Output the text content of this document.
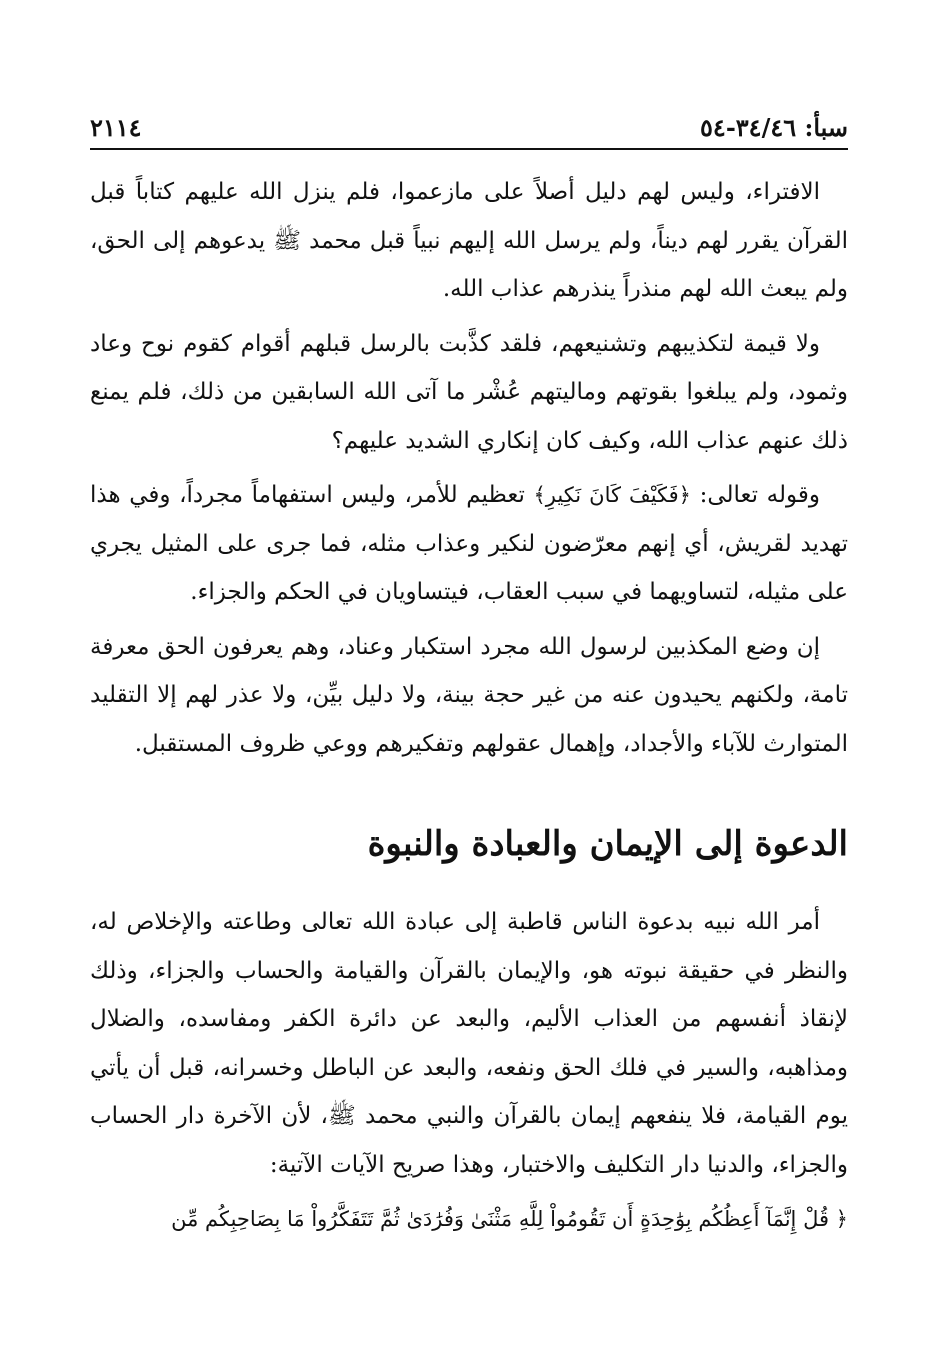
سبأ: ٣٤/٤٦-٥٤
٢١١٤

الافتراء، وليس لهم دليل أصلاً على مازعموا، فلم ينزل الله عليهم كتاباً قبل القرآن يقرر لهم ديناً، ولم يرسل الله إليهم نبياً قبل محمد ﷺ يدعوهم إلى الحق، ولم يبعث الله لهم منذراً ينذرهم عذاب الله.

ولا قيمة لتكذيبهم وتشنيعهم، فلقد كذَّبت بالرسل قبلهم أقوام كقوم نوح وعاد وثمود، ولم يبلغوا بقوتهم وماليتهم عُشْر ما آتى الله السابقين من ذلك، فلم يمنع ذلك عنهم عذاب الله، وكيف كان إنكاري الشديد عليهم؟

وقوله تعالى: ﴿فَكَيْفَ كَانَ نَكِيرِ﴾ تعظيم للأمر، وليس استفهاماً مجرداً، وفي هذا تهديد لقريش، أي إنهم معرّضون لنكير وعذاب مثله، فما جرى على المثيل يجري على مثيله، لتساويهما في سبب العقاب، فيتساويان في الحكم والجزاء.

إن وضع المكذبين لرسول الله مجرد استكبار وعناد، وهم يعرفون الحق معرفة تامة، ولكنهم يحيدون عنه من غير حجة بينة، ولا دليل بيِّن، ولا عذر لهم إلا التقليد المتوارث للآباء والأجداد، وإهمال عقولهم وتفكيرهم ووعي ظروف المستقبل.

الدعوة إلى الإيمان والعبادة والنبوة

أمر الله نبيه بدعوة الناس قاطبة إلى عبادة الله تعالى وطاعته والإخلاص له، والنظر في حقيقة نبوته هو، والإيمان بالقرآن والقيامة والحساب والجزاء، وذلك لإنقاذ أنفسهم من العذاب الأليم، والبعد عن دائرة الكفر ومفاسده، والضلال ومذاهبه، والسير في فلك الحق ونفعه، والبعد عن الباطل وخسرانه، قبل أن يأتي يوم القيامة، فلا ينفعهم إيمان بالقرآن والنبي محمد ﷺ، لأن الآخرة دار الحساب والجزاء، والدنيا دار التكليف والاختبار، وهذا صريح الآيات الآتية:

﴿ قُلْ إِنَّمَآ أَعِظُكُم بِوَٰحِدَةٍ أَن تَقُومُواْ لِلَّهِ مَثْنَىٰ وَفُرَٰدَىٰ ثُمَّ تَتَفَكَّرُواْ مَا بِصَاحِبِكُم مِّن
